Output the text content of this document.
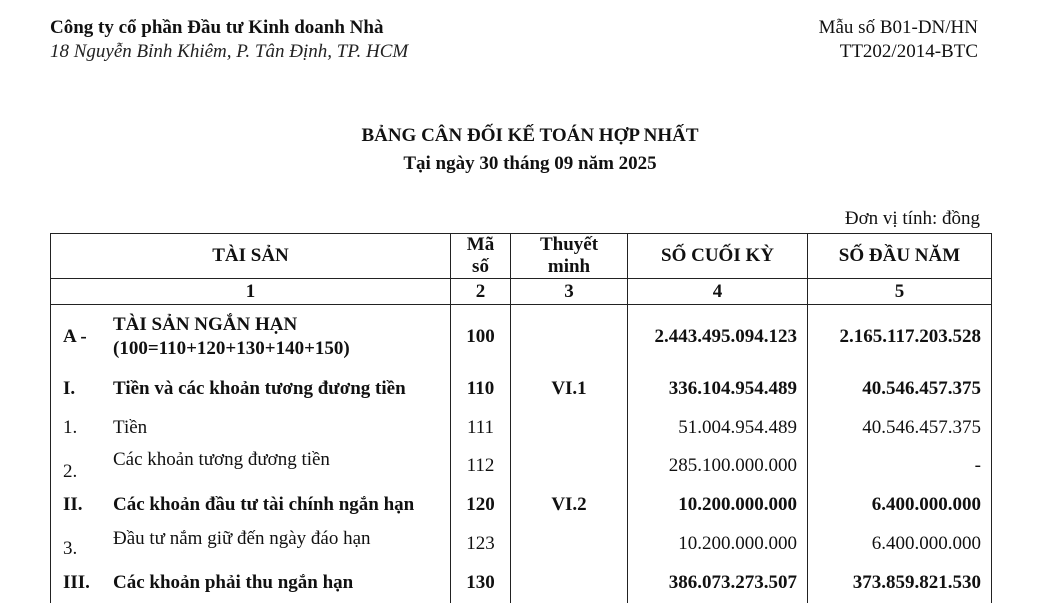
Công ty cổ phần Đầu tư Kinh doanh Nhà
18 Nguyễn Bỉnh Khiêm, P. Tân Định, TP. HCM
Mẫu số B01-DN/HN
TT202/2014-BTC
BẢNG CÂN ĐỐI KẾ TOÁN HỢP NHẤT
Tại ngày 30 tháng 09 năm 2025
Đơn vị tính: đồng
TÀI SẢN	Mã số	Thuyết minh	SỐ CUỐI KỲ	SỐ ĐẦU NĂM
1	2	3	4	5

A -
TÀI SẢN NGẮN HẠN
(100=110+120+130+140+150)	100		2.443.495.094.123	2.165.117.203.528

I. Tiền và các khoản tương đương tiền	110	VI.1	336.104.954.489	40.546.457.375

1. Tiền	111		51.004.954.489	40.546.457.375

2.
Các khoản tương đương tiền	112		285.100.000.000	-

II. Các khoản đầu tư tài chính ngắn hạn	120	VI.2	10.200.000.000	6.400.000.000

3. Đầu tư nắm giữ đến ngày đáo hạn	123		10.200.000.000	6.400.000.000

III. Các khoản phải thu ngắn hạn	130		386.073.273.507	373.859.821.530
